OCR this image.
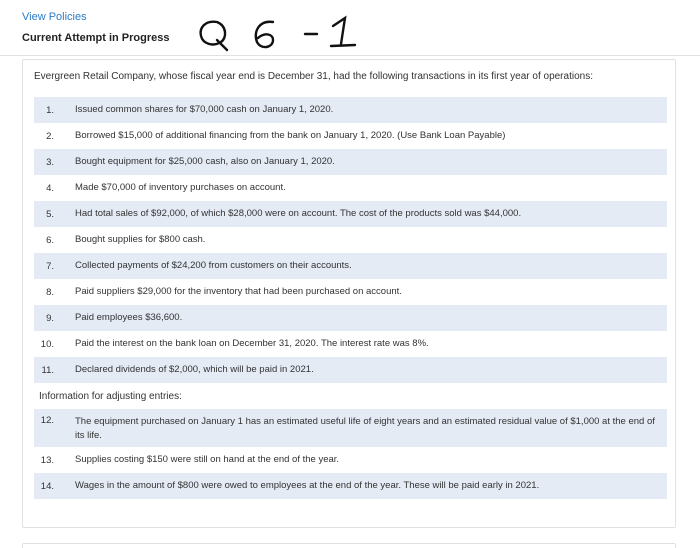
View Policies
Current Attempt in Progress
Evergreen Retail Company, whose fiscal year end is December 31, had the following transactions in its first year of operations:
1. Issued common shares for $70,000 cash on January 1, 2020.
2. Borrowed $15,000 of additional financing from the bank on January 1, 2020. (Use Bank Loan Payable)
3. Bought equipment for $25,000 cash, also on January 1, 2020.
4. Made $70,000 of inventory purchases on account.
5. Had total sales of $92,000, of which $28,000 were on account. The cost of the products sold was $44,000.
6. Bought supplies for $800 cash.
7. Collected payments of $24,200 from customers on their accounts.
8. Paid suppliers $29,000 for the inventory that had been purchased on account.
9. Paid employees $36,600.
10. Paid the interest on the bank loan on December 31, 2020. The interest rate was 8%.
11. Declared dividends of $2,000, which will be paid in 2021.
Information for adjusting entries:
12. The equipment purchased on January 1 has an estimated useful life of eight years and an estimated residual value of $1,000 at the end of its life.
13. Supplies costing $150 were still on hand at the end of the year.
14. Wages in the amount of $800 were owed to employees at the end of the year. These will be paid early in 2021.
